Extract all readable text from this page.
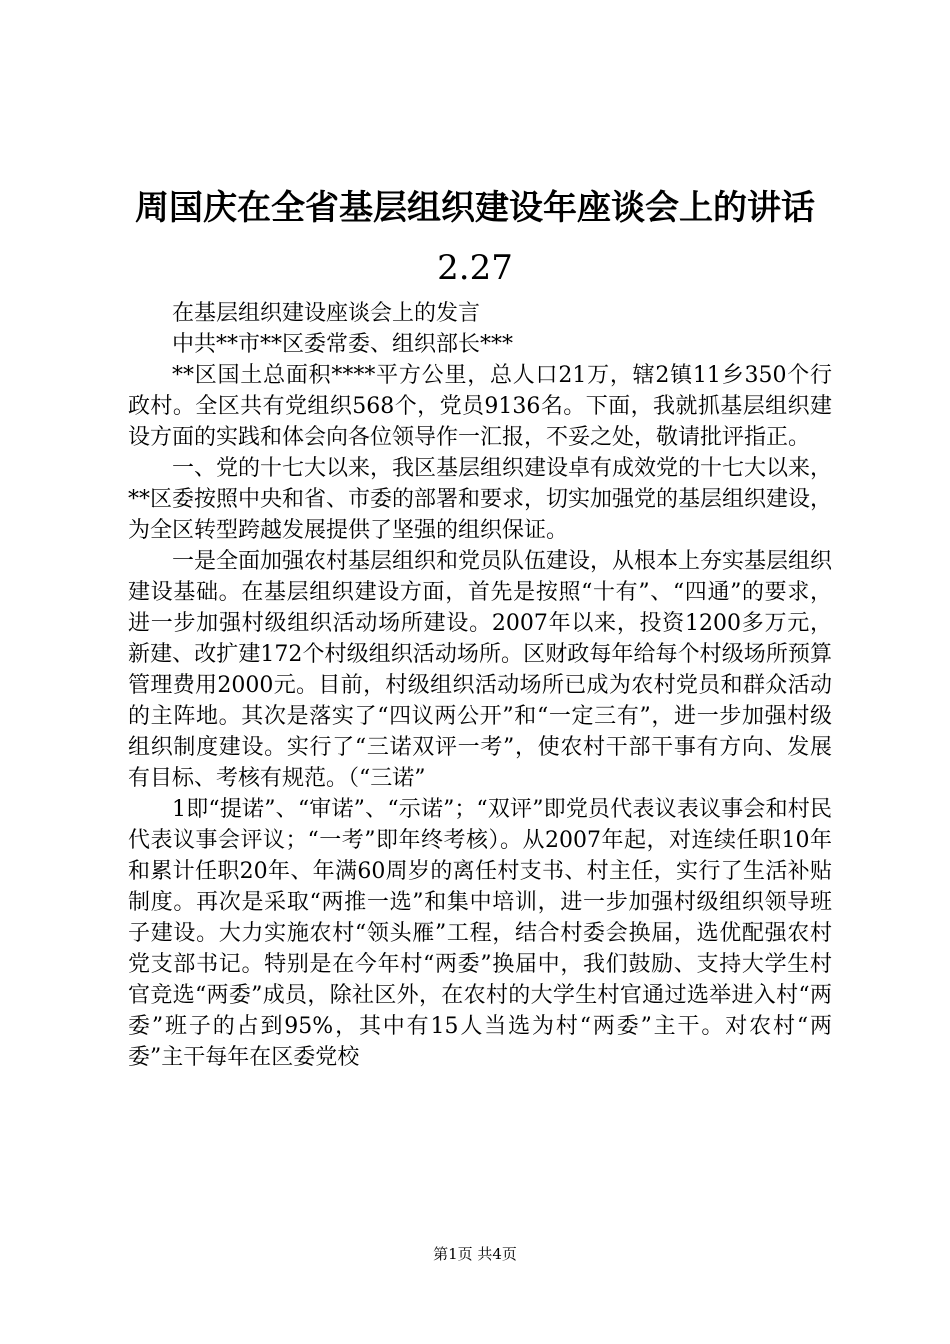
周国庆在全省基层组织建设年座谈会上的讲话
2.27

在基层组织建设座谈会上的发言

中共**市**区委常委、组织部长***

**区国土总面积****平方公里，总人口21万，辖2镇11乡350个行政村。全区共有党组织568个，党员9136名。下面，我就抓基层组织建设方面的实践和体会向各位领导作一汇报，不妥之处，敬请批评指正。

一、党的十七大以来，我区基层组织建设卓有成效党的十七大以来，**区委按照中央和省、市委的部署和要求，切实加强党的基层组织建设，为全区转型跨越发展提供了坚强的组织保证。

一是全面加强农村基层组织和党员队伍建设，从根本上夯实基层组织建设基础。在基层组织建设方面，首先是按照“十有”、“四通”的要求，进一步加强村级组织活动场所建设。2007年以来，投资1200多万元，新建、改扩建172个村级组织活动场所。区财政每年给每个村级场所预算管理费用2000元。目前，村级组织活动场所已成为农村党员和群众活动的主阵地。其次是落实了“四议两公开”和“一定三有”，进一步加强村级组织制度建设。实行了“三诺双评一考”，使农村干部干事有方向、发展有目标、考核有规范。（“三诺”

1即“提诺”、“审诺”、“示诺”；“双评”即党员代表议表议事会和村民代表议事会评议；“一考”即年终考核）。从2007年起，对连续任职10年和累计任职20年、年满60周岁的离任村支书、村主任，实行了生活补贴制度。再次是采取“两推一选”和集中培训，进一步加强村级组织领导班子建设。大力实施农村“领头雁”工程，结合村委会换届，选优配强农村党支部书记。特别是在今年村“两委”换届中，我们鼓励、支持大学生村官竞选“两委”成员，除社区外，在农村的大学生村官通过选举进入村“两委”班子的占到95%，其中有15人当选为村“两委”主干。对农村“两委”主干每年在区委党校

第1页 共4页
